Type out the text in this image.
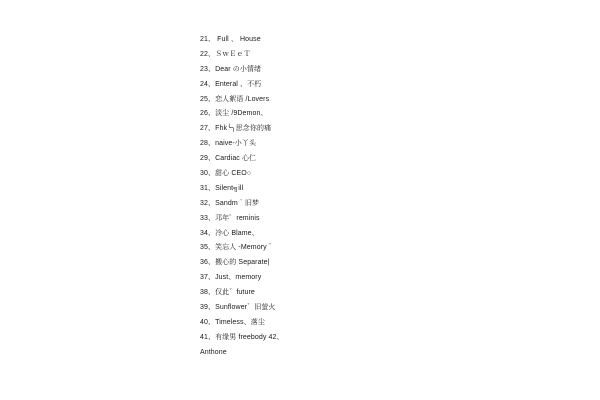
21、 Full 、 House
22、ＳｗＥｅＴ
23、Dear の小情绪
24、Enteral 、不朽
25、恋人絮语 /Lovers
26、淡尘 /9Demon、
27、Fhk╰╮思念你的痛
28、naive-小丫头
29、Cardiac 心仁
30、甜心 CEO○
31、Silent╗ill
32、Sandm｀旧梦
33、邛年゜reminis
34、冷心 Blame、
35、笑忘人 -Memory ゛
36、搬心的 Separate|
37、Just、memory
38、仅此゛future
39、Sunflower゛旧萤火
40、Timeless、落尘
41、有缘男 freebody 42、
Anthone
